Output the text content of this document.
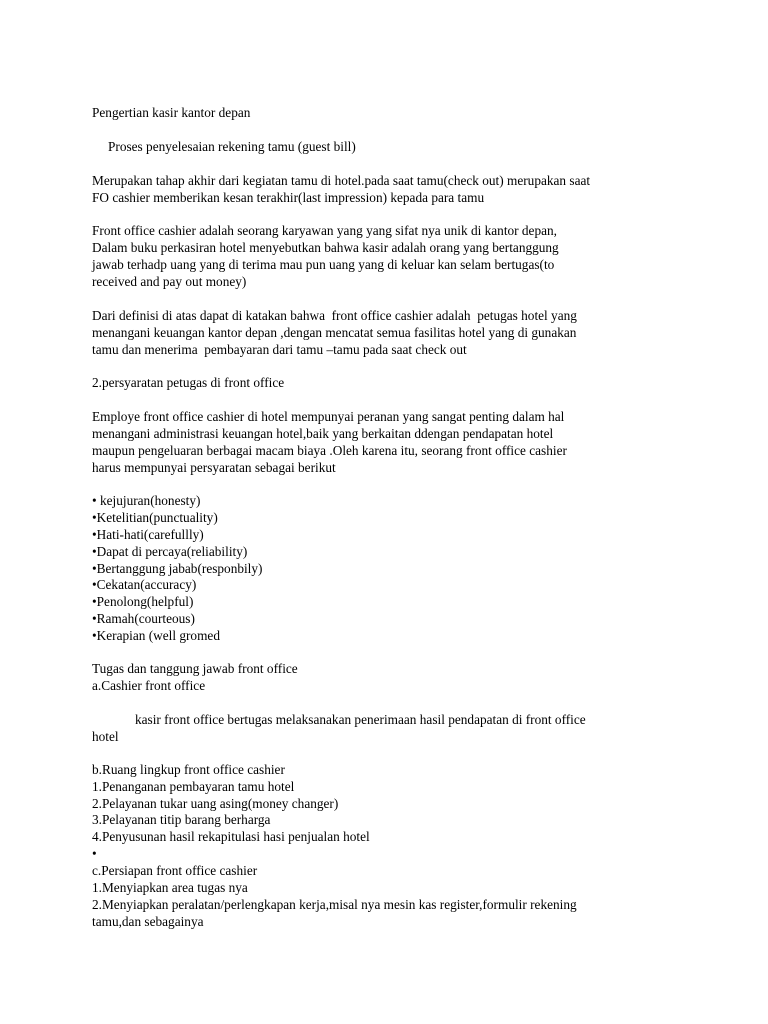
Pengertian kasir kantor depan
Proses penyelesaian rekening tamu (guest bill)
Merupakan tahap akhir dari kegiatan tamu di hotel.pada saat tamu(check out) merupakan saat
FO cashier memberikan kesan terakhir(last impression) kepada para tamu
Front office cashier adalah seorang karyawan yang yang sifat nya unik di kantor depan,
Dalam buku perkasiran hotel menyebutkan bahwa kasir adalah orang yang bertanggung
jawab terhadp uang yang di terima mau pun uang yang di keluar kan selam bertugas(to
received and pay out money)
Dari definisi di atas dapat di katakan bahwa  front office cashier adalah  petugas hotel yang
menangani keuangan kantor depan ,dengan mencatat semua fasilitas hotel yang di gunakan
tamu dan menerima  pembayaran dari tamu –tamu pada saat check out
2.persyaratan petugas di front office
Employe front office cashier di hotel mempunyai peranan yang sangat penting dalam hal
menangani administrasi keuangan hotel,baik yang berkaitan ddengan pendapatan hotel
maupun pengeluaran berbagai macam biaya .Oleh karena itu, seorang front office cashier
harus mempunyai persyaratan sebagai berikut
• kejujuran(honesty)
•Ketelitian(punctuality)
•Hati-hati(carefullly)
•Dapat di percaya(reliability)
•Bertanggung jabab(responbily)
•Cekatan(accuracy)
•Penolong(helpful)
•Ramah(courteous)
•Kerapian (well gromed
Tugas dan tanggung jawab front office
a.Cashier front office
kasir front office bertugas melaksanakan penerimaan hasil pendapatan di front office
hotel
b.Ruang lingkup front office cashier
1.Penanganan pembayaran tamu hotel
2.Pelayanan tukar uang asing(money changer)
3.Pelayanan titip barang berharga
4.Penyusunan hasil rekapitulasi hasi penjualan hotel
•
c.Persiapan front office cashier
1.Menyiapkan area tugas nya
2.Menyiapkan peralatan/perlengkapan kerja,misal nya mesin kas register,formulir rekening
tamu,dan sebagainya
